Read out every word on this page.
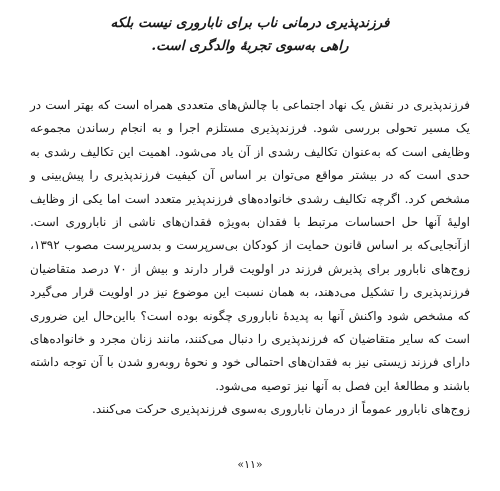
فرزندپذیری درمانی ناب برای ناباروری نیست بلکه
راهی به‌سوی تجربهٔ والدگری است.

فرزندپذیری در نقش یک نهاد اجتماعی با چالش‌های متعددی همراه است که بهتر است در یک مسیر تحولی بررسی شود. فرزندپذیری مستلزم اجرا و به انجام رساندن مجموعه وظایفی است که به‌عنوان تکالیف رشدی از آن یاد می‌شود. اهمیت این تکالیف رشدی به حدی است که در بیشتر مواقع می‌توان بر اساس آن کیفیت فرزندپذیری را پیش‌بینی و مشخص کرد. اگرچه تکالیف رشدی خانواده‌های فرزندپذیر متعدد است اما یکی از وظایف اولیهٔ آنها حل احساسات مرتبط با فقدان به‌ویژه فقدان‌های ناشی از ناباروری است. ازآنجایی‌که بر اساس قانون حمایت از کودکان بی‌سرپرست و بدسرپرست مصوب ۱۳۹۲، زوج‌های نابارور برای پذیرش فرزند در اولویت قرار دارند و بیش از ۷۰ درصد متقاضیان فرزندپذیری را تشکیل می‌دهند، به همان نسبت این موضوع نیز در اولویت قرار می‌گیرد که مشخص شود واکنش آنها به پدیدهٔ ناباروری چگونه بوده است؟ بااین‌حال این ضروری است که سایر متقاضیان که فرزندپذیری را دنبال می‌کنند، مانند زنان مجرد و خانواده‌های دارای فرزند زیستی نیز به فقدان‌های احتمالی خود و نحوهٔ روبه‌رو شدن با آن توجه داشته باشند و مطالعهٔ این فصل به آنها نیز توصیه می‌شود.

زوج‌های نابارور عموماً از درمان ناباروری به‌سوی فرزندپذیری حرکت می‌کنند.

«۱۱»
